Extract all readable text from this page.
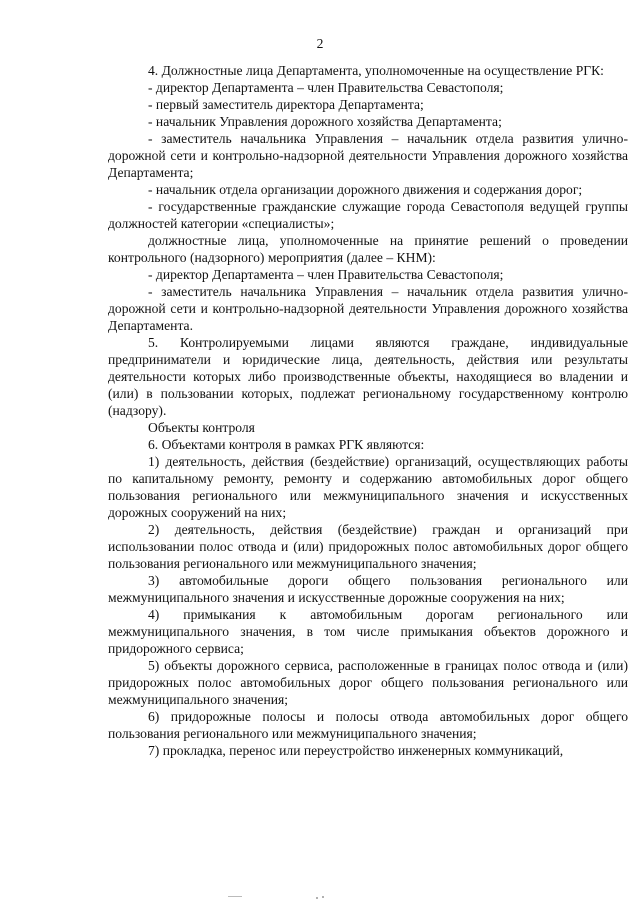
2

4. Должностные лица Департамента, уполномоченные на осуществление РГК:

- директор Департамента – член Правительства Севастополя;

- первый заместитель директора Департамента;

- начальник Управления дорожного хозяйства Департамента;

- заместитель начальника Управления – начальник отдела развития улично-дорожной сети и контрольно-надзорной деятельности Управления дорожного хозяйства Департамента;

- начальник отдела организации дорожного движения и содержания дорог;

- государственные гражданские служащие города Севастополя ведущей группы должностей категории «специалисты»;

должностные лица, уполномоченные на принятие решений о проведении контрольного (надзорного) мероприятия (далее – КНМ):

- директор Департамента – член Правительства Севастополя;

- заместитель начальника Управления – начальник отдела развития улично-дорожной сети и контрольно-надзорной деятельности Управления дорожного хозяйства Департамента.

5. Контролируемыми лицами являются граждане, индивидуальные предприниматели и юридические лица, деятельность, действия или результаты деятельности которых либо производственные объекты, находящиеся во владении и (или) в пользовании которых, подлежат региональному государственному контролю (надзору).

Объекты контроля

6. Объектами контроля в рамках РГК являются:

1) деятельность, действия (бездействие) организаций, осуществляющих работы по капитальному ремонту, ремонту и содержанию автомобильных дорог общего пользования регионального или межмуниципального значения и искусственных дорожных сооружений на них;

2) деятельность, действия (бездействие) граждан и организаций при использовании полос отвода и (или) придорожных полос автомобильных дорог общего пользования регионального или межмуниципального значения;

3) автомобильные дороги общего пользования регионального или межмуниципального значения и искусственные дорожные сооружения на них;

4) примыкания к автомобильным дорогам регионального или межмуниципального значения, в том числе примыкания объектов дорожного и придорожного сервиса;

5) объекты дорожного сервиса, расположенные в границах полос отвода и (или) придорожных полос автомобильных дорог общего пользования регионального или межмуниципального значения;

6) придорожные полосы и полосы отвода автомобильных дорог общего пользования регионального или межмуниципального значения;

7) прокладка, перенос или переустройство инженерных коммуникаций,
